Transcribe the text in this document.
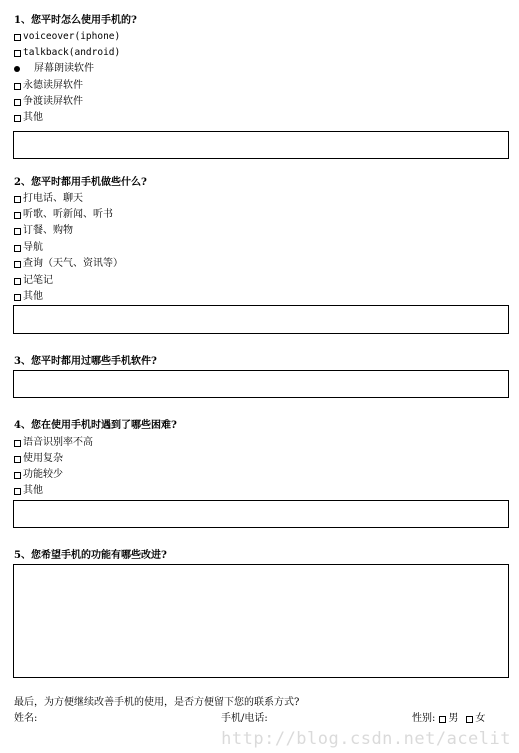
1、您平时怎么使用手机的?
voiceover(iphone)
talkback(android)
屏幕朗读软件
永德读屏软件
争渡读屏软件
其他
2、您平时都用手机做些什么?
打电话、聊天
听歌、听新闻、听书
订餐、购物
导航
查询（天气、资讯等）
记笔记
其他
3、您平时都用过哪些手机软件?
4、您在使用手机时遇到了哪些困难?
语音识别率不高
使用复杂
功能较少
其他
5、您希望手机的功能有哪些改进?
最后，为方便继续改善手机的使用，是否方便留下您的联系方式?
姓名:	手机/电话:	性别: 男 女
http://blog.csdn.net/acelit
